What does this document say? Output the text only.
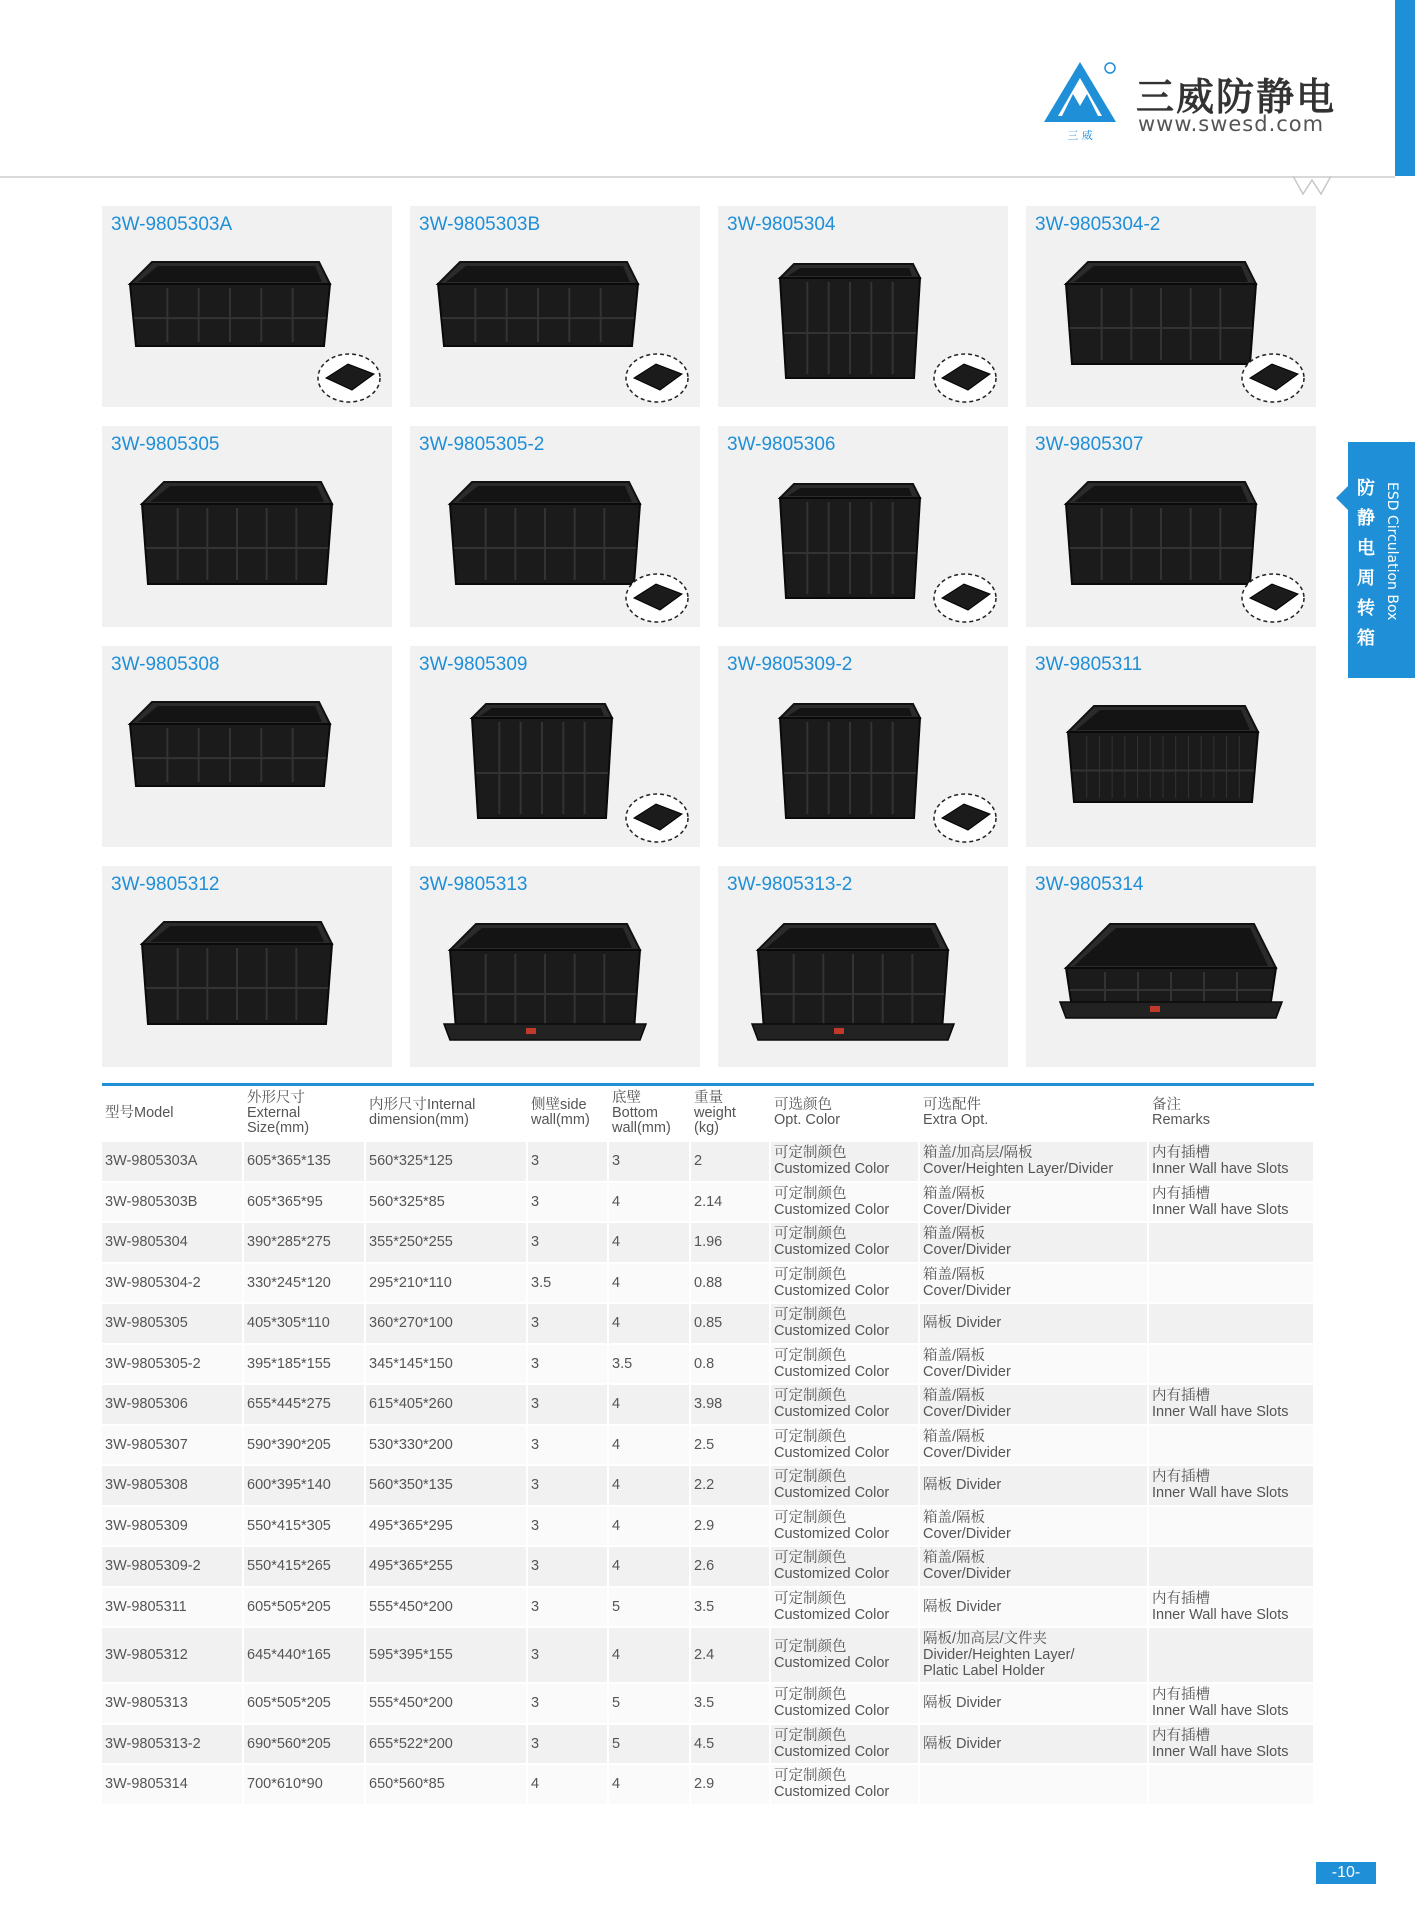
三 威
三威防静电
www.swesd.com
防静电周转箱
ESD Circulation Box
3W-9805303A	3W-9805303B	3W-9805304	3W-9805304-2
3W-9805305	3W-9805305-2	3W-9805306	3W-9805307
3W-9805308	3W-9805309	3W-9805309-2	3W-9805311
3W-9805312	3W-9805313	3W-9805313-2	3W-9805314
型号Model	外形尺寸
External
Size(mm)	内形尺寸Internal
dimension(mm)	侧壁side
wall(mm)	底壁
Bottom
wall(mm)	重量
weight
(kg)	可选颜色
Opt. Color	可选配件
Extra Opt.	备注
Remarks
3W-9805303A	605*365*135	560*325*125	3	3	2	可定制颜色
Customized Color	箱盖/加高层/隔板
Cover/Heighten Layer/Divider	内有插槽
Inner Wall have Slots
3W-9805303B	605*365*95	560*325*85	3	4	2.14	可定制颜色
Customized Color	箱盖/隔板
Cover/Divider	内有插槽
Inner Wall have Slots
3W-9805304	390*285*275	355*250*255	3	4	1.96	可定制颜色
Customized Color	箱盖/隔板
Cover/Divider	
3W-9805304-2	330*245*120	295*210*110	3.5	4	0.88	可定制颜色
Customized Color	箱盖/隔板
Cover/Divider	
3W-9805305	405*305*110	360*270*100	3	4	0.85	可定制颜色
Customized Color	隔板 Divider	
3W-9805305-2	395*185*155	345*145*150	3	3.5	0.8	可定制颜色
Customized Color	箱盖/隔板
Cover/Divider	
3W-9805306	655*445*275	615*405*260	3	4	3.98	可定制颜色
Customized Color	箱盖/隔板
Cover/Divider	内有插槽
Inner Wall have Slots
3W-9805307	590*390*205	530*330*200	3	4	2.5	可定制颜色
Customized Color	箱盖/隔板
Cover/Divider	
3W-9805308	600*395*140	560*350*135	3	4	2.2	可定制颜色
Customized Color	隔板 Divider	内有插槽
Inner Wall have Slots
3W-9805309	550*415*305	495*365*295	3	4	2.9	可定制颜色
Customized Color	箱盖/隔板
Cover/Divider	
3W-9805309-2	550*415*265	495*365*255	3	4	2.6	可定制颜色
Customized Color	箱盖/隔板
Cover/Divider	
3W-9805311	605*505*205	555*450*200	3	5	3.5	可定制颜色
Customized Color	隔板 Divider	内有插槽
Inner Wall have Slots
3W-9805312	645*440*165	595*395*155	3	4	2.4	可定制颜色
Customized Color	隔板/加高层/文件夹
Divider/Heighten Layer/
Platic Label Holder	
3W-9805313	605*505*205	555*450*200	3	5	3.5	可定制颜色
Customized Color	隔板 Divider	内有插槽
Inner Wall have Slots
3W-9805313-2	690*560*205	655*522*200	3	5	4.5	可定制颜色
Customized Color	隔板 Divider	内有插槽
Inner Wall have Slots
3W-9805314	700*610*90	650*560*85	4	4	2.9	可定制颜色
Customized Color		
-10-
